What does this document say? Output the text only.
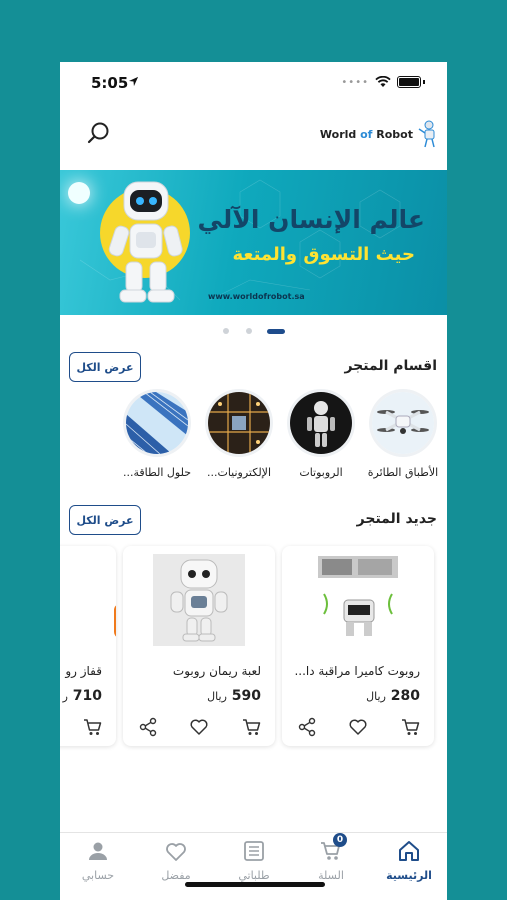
5:05	••••
World of Robot
عالم الإنسان الآلي
حيث التسوق والمتعة
www.worldofrobot.sa
اقسام المتجر
عرض الكل
الأطباق الطائرة
الروبوتات
الإلكترونيات...
حلول الطاقة...
جديد المتجر
عرض الكل
روبوت كاميرا مراقبة دا...
280 ريال
لعبة ريمان روبوت
590 ريال
قفاز رو
710 ر
الرئيسية
0
السلة
طلباتي
مفضل
حسابي
